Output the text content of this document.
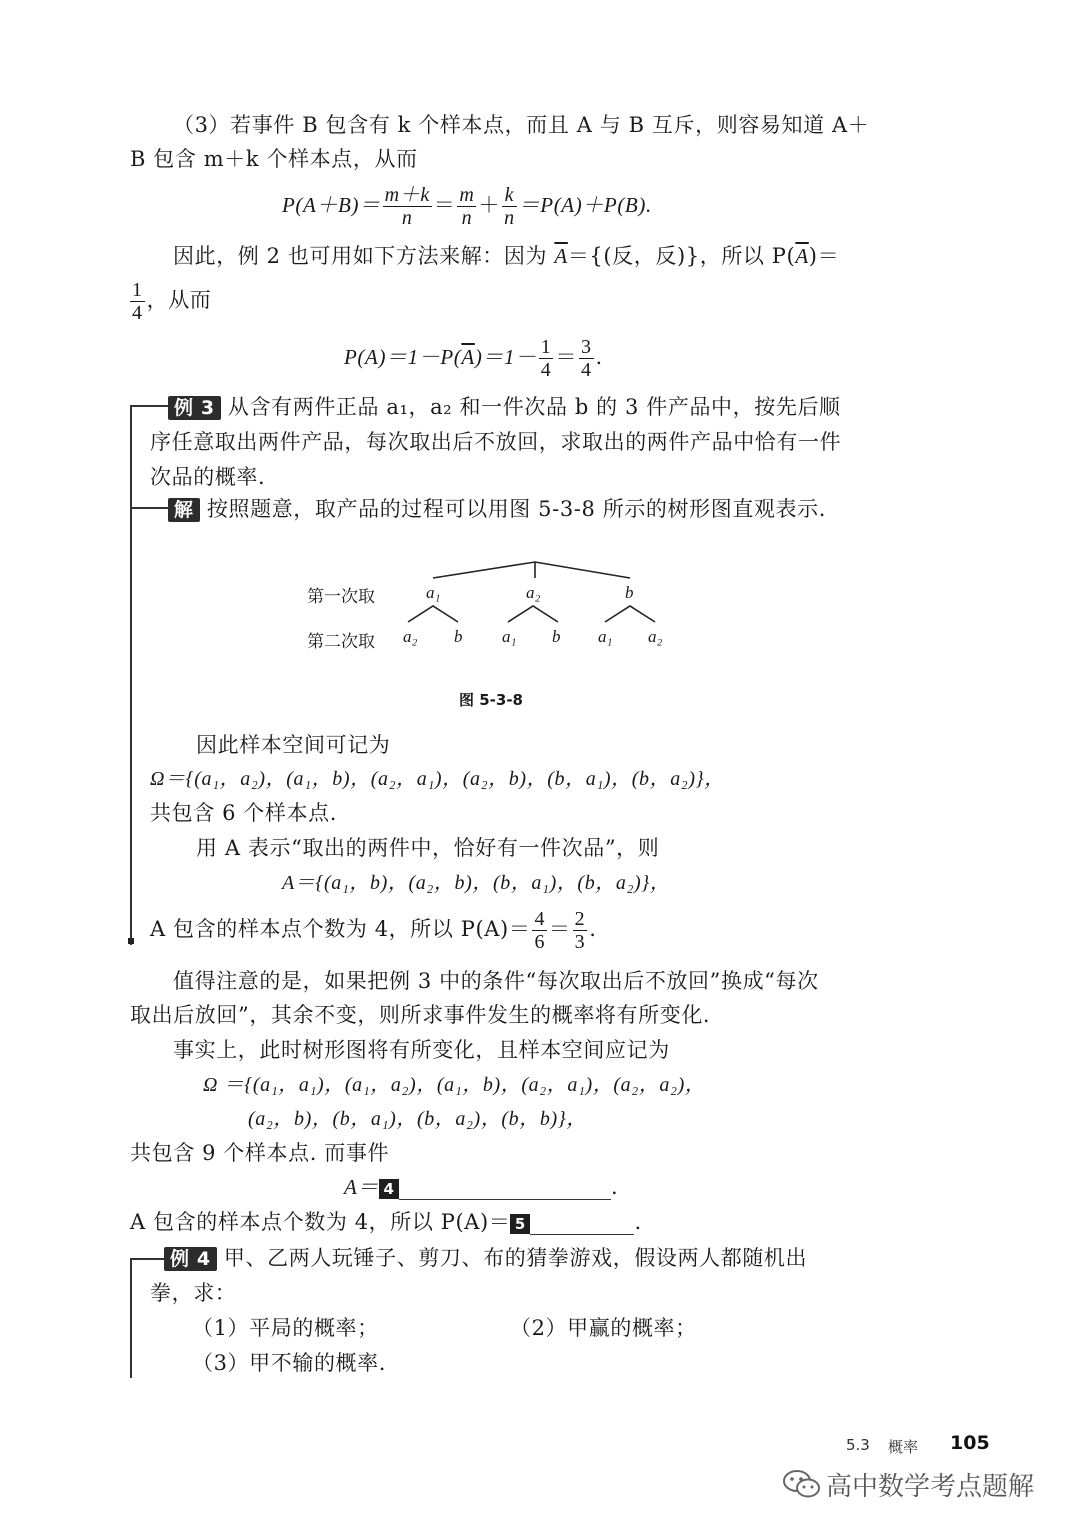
（3）若事件 B 包含有 k 个样本点，而且 A 与 B 互斥，则容易知道 A＋
B 包含 m＋k 个样本点，从而
$P(A+B)= \frac{m+k}{n} = \frac{m}{n} + \frac{k}{n} =P(A)+P(B)$.
因此，例 2 也可用如下方法来解：因为 $\overline{A}=${(反，反)}，所以 $P(\overline{A})=$
$\frac{1}{4}$ ，从而
$P(A)=1-P(\overline{A})=1- \frac{1}{4} = \frac{3}{4}$ .
例 3 从含有两件正品 a₁，a₂ 和一件次品 b 的 3 件产品中，按先后顺
序任意取出两件产品，每次取出后不放回，求取出的两件产品中恰有一件
次品的概率.
解 按照题意，取产品的过程可以用图 5-3-8 所示的树形图直观表示.
第一次取
第二次取
a₁	a₂	b
a₂ b a₁ b a₁ a₂
图 5-3-8
因此样本空间可记为
Ω＝{(a₁，a₂)，(a₁，b)，(a₂，a₁)，(a₂，b)，(b，a₁)，(b，a₂)}，
共包含 6 个样本点.
用 A 表示“取出的两件中，恰好有一件次品”，则
A＝{(a₁，b)，(a₂，b)，(b，a₁)，(b，a₂)}，
A 包含的样本点个数为 4，所以 $P(A)= \frac{4}{6} = \frac{2}{3}$ .
值得注意的是，如果把例 3 中的条件“每次取出后不放回”换成“每次
取出后放回”，其余不变，则所求事件发生的概率将有所变化.
事实上，此时树形图将有所变化，且样本空间应记为
Ω ＝{(a₁，a₁)，(a₁，a₂)，(a₁，b)，(a₂，a₁)，(a₂，a₂)，
(a₂，b)，(b，a₁)，(b，a₂)，(b，b)}，
共包含 9 个样本点. 而事件
A＝ 4	.
A 包含的样本点个数为 4，所以 P(A)＝ 5	.
例 4 甲、乙两人玩锤子、剪刀、布的猜拳游戏，假设两人都随机出
拳，求：
（1）平局的概率；	（2）甲赢的概率；
（3）甲不输的概率.
5.3 概率 105
高中数学考点题解
